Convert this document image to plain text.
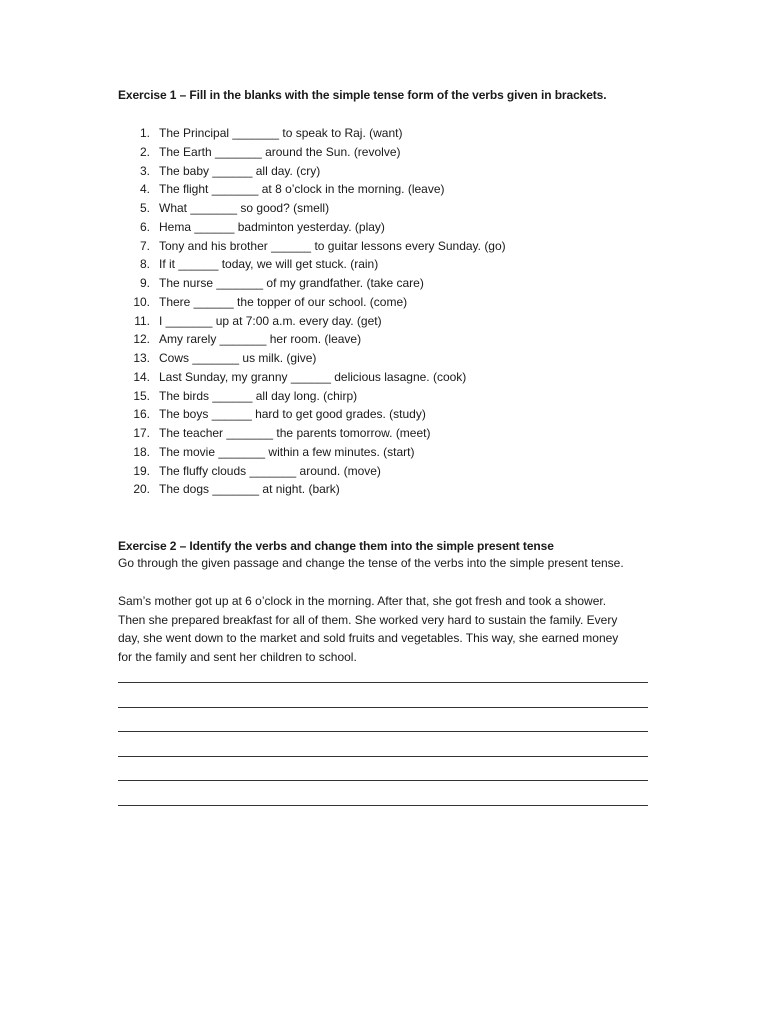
Exercise 1 – Fill in the blanks with the simple tense form of the verbs given in brackets.
1. The Principal _______ to speak to Raj. (want)
2. The Earth _______ around the Sun. (revolve)
3. The baby ______ all day. (cry)
4. The flight _______ at 8 o’clock in the morning. (leave)
5. What _______ so good? (smell)
6. Hema ______ badminton yesterday. (play)
7. Tony and his brother ______ to guitar lessons every Sunday. (go)
8. If it ______ today, we will get stuck. (rain)
9. The nurse _______ of my grandfather. (take care)
10. There ______ the topper of our school. (come)
11. I _______ up at 7:00 a.m. every day. (get)
12. Amy rarely _______ her room. (leave)
13. Cows _______ us milk. (give)
14. Last Sunday, my granny ______ delicious lasagne. (cook)
15. The birds ______ all day long. (chirp)
16. The boys ______ hard to get good grades. (study)
17. The teacher _______ the parents tomorrow. (meet)
18. The movie _______ within a few minutes. (start)
19. The fluffy clouds _______ around. (move)
20. The dogs _______ at night. (bark)
Exercise 2 – Identify the verbs and change them into the simple present tense
Go through the given passage and change the tense of the verbs into the simple present tense.

Sam’s mother got up at 6 o’clock in the morning. After that, she got fresh and took a shower.
Then she prepared breakfast for all of them. She worked very hard to sustain the family. Every
day, she went down to the market and sold fruits and vegetables. This way, she earned money
for the family and sent her children to school.
